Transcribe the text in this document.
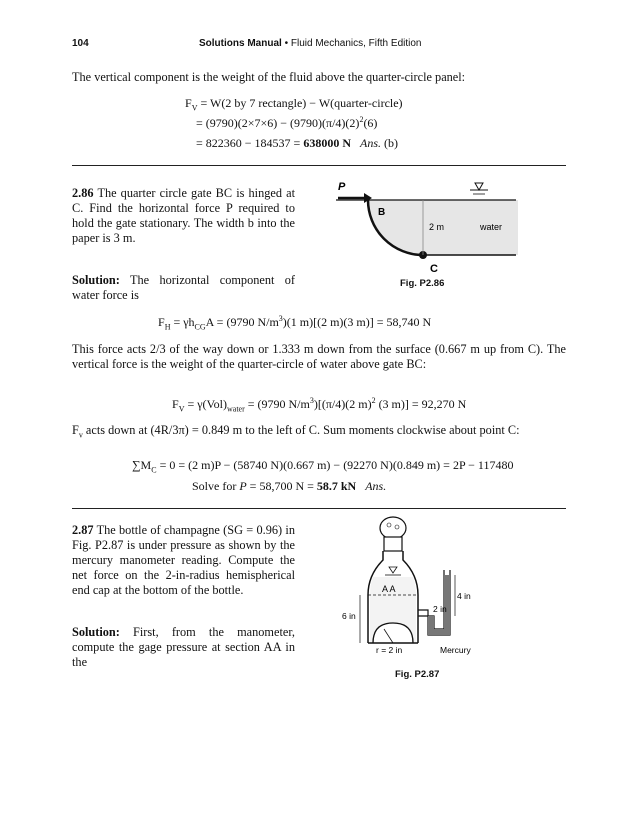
104	Solutions Manual • Fluid Mechanics, Fifth Edition
The vertical component is the weight of the fluid above the quarter-circle panel:
$F_V = W(2$ by 7 rectangle) − W(quarter-circle)
= $(9790)(2\times 7\times 6) - (9790)(\pi/4)(2)^2(6)$
= 822360 − 184537 = 638000 N Ans. (b)
2.86 The quarter circle gate BC is hinged at C. Find the horizontal force P required to hold the gate stationary. The width b into the paper is 3 m.
Solution: The horizontal component of water force is
P
B
2 m	water
C
Fig. P2.86
$F_H = \gamma h_{CG}A = (9790$ $N/m^3)(1$ m)[(2 m)(3 m)] = 58,740 N
This force acts 2/3 of the way down or 1.333 m down from the surface (0.667 m up from C). The vertical force is the weight of the quarter-circle of water above gate BC:
$F_V = \gamma(Vol)_{water} = (9790$ $N/m^3)[(\pi/4)(2$ m)$^2$ (3 m)] = 92,270 N
$F_v$ acts down at (4R/3π) = 0.849 m to the left of C. Sum moments clockwise about point C:
$\sum M_C = 0 = (2$ m)P − (58740 N)(0.667 m) − (92270 N)(0.849 m) = 2P − 117480
Solve for P = 58,700 N = 58.7 kN Ans.
2.87 The bottle of champagne (SG = 0.96) in Fig. P2.87 is under pressure as shown by the mercury manometer reading. Compute the net force on the 2-in-radius hemispherical end cap at the bottom of the bottle.
Solution: First, from the manometer, compute the gage pressure at section AA in the
A A
6 in
4 in
2 in
r = 2 in	Mercury
Fig. P2.87
